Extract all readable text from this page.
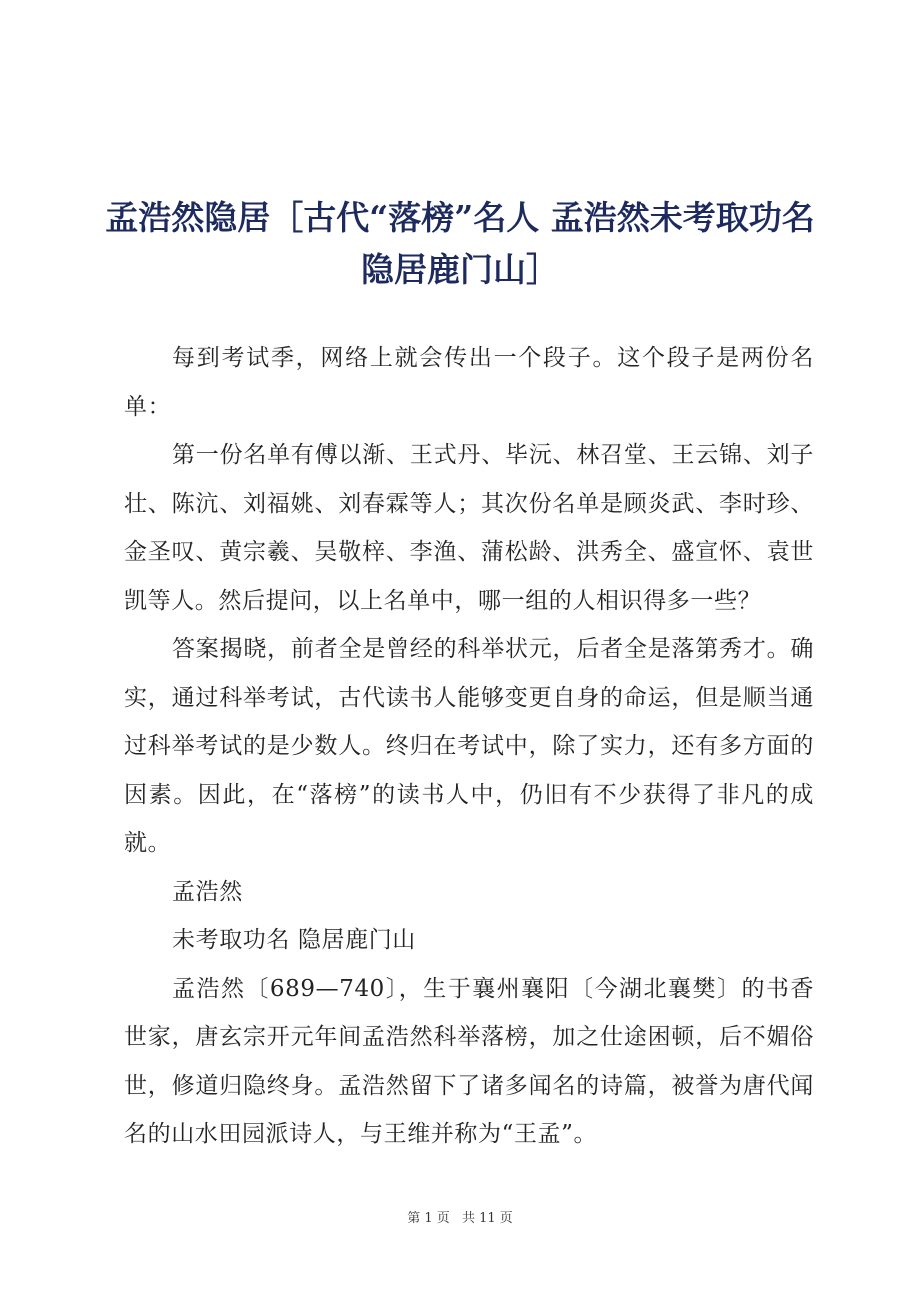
孟浩然隐居［古代“落榜”名人 孟浩然未考取功名隐居鹿门山］

每到考试季，网络上就会传出一个段子。这个段子是两份名单：

第一份名单有傅以渐、王式丹、毕沅、林召堂、王云锦、刘子壮、陈沆、刘福姚、刘春霖等人；其次份名单是顾炎武、李时珍、金圣叹、黄宗羲、吴敬梓、李渔、蒲松龄、洪秀全、盛宣怀、袁世凯等人。然后提问，以上名单中，哪一组的人相识得多一些？

答案揭晓，前者全是曾经的科举状元，后者全是落第秀才。确实，通过科举考试，古代读书人能够变更自身的命运，但是顺当通过科举考试的是少数人。终归在考试中，除了实力，还有多方面的因素。因此，在“落榜”的读书人中，仍旧有不少获得了非凡的成就。

孟浩然

未考取功名 隐居鹿门山

孟浩然〔689—740〕，生于襄州襄阳〔今湖北襄樊〕的书香世家，唐玄宗开元年间孟浩然科举落榜，加之仕途困顿，后不媚俗世，修道归隐终身。孟浩然留下了诸多闻名的诗篇，被誉为唐代闻名的山水田园派诗人，与王维并称为“王孟”。

第 1 页 共 11 页
